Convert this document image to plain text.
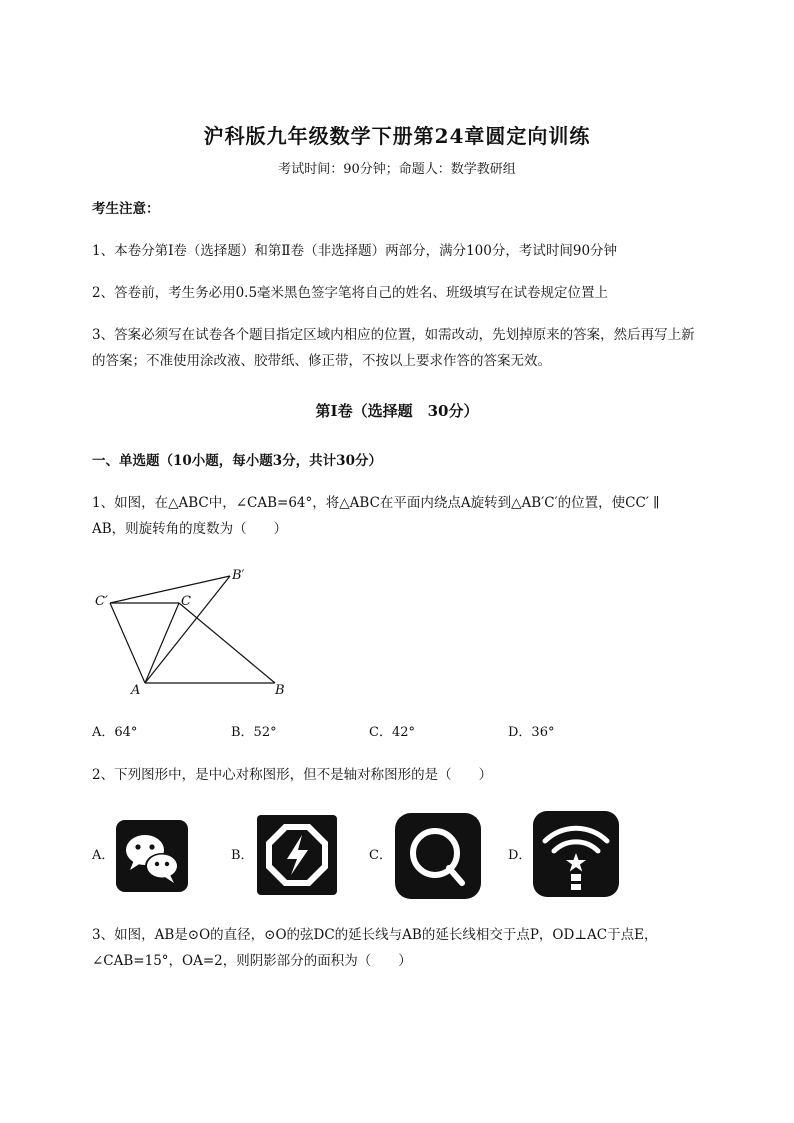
沪科版九年级数学下册第24章圆定向训练
考试时间：90分钟；命题人：数学教研组
考生注意：
1、本卷分第I卷（选择题）和第Ⅱ卷（非选择题）两部分，满分100分，考试时间90分钟
2、答卷前，考生务必用0.5毫米黑色签字笔将自己的姓名、班级填写在试卷规定位置上
3、答案必须写在试卷各个题目指定区域内相应的位置，如需改动，先划掉原来的答案，然后再写上新
的答案；不准使用涂改液、胶带纸、修正带，不按以上要求作答的答案无效。
第I卷（选择题　30分）
一、单选题（10小题，每小题3分，共计30分）
1、如图，在△ABC中，∠CAB=64°，将△ABC在平面内绕点A旋转到△AB′C′的位置，使CC′ ∥
AB，则旋转角的度数为（　　）
C′	C
B′
A	B
A．64°	B．52°	C．42°	D．36°
2、下列图形中，是中心对称图形，但不是轴对称图形的是（　　）
A．	B．	C．	D．
3、如图，AB是⊙O的直径，⊙O的弦DC的延长线与AB的延长线相交于点P，OD⊥AC于点E，
∠CAB=15°，OA=2，则阴影部分的面积为（　　）
